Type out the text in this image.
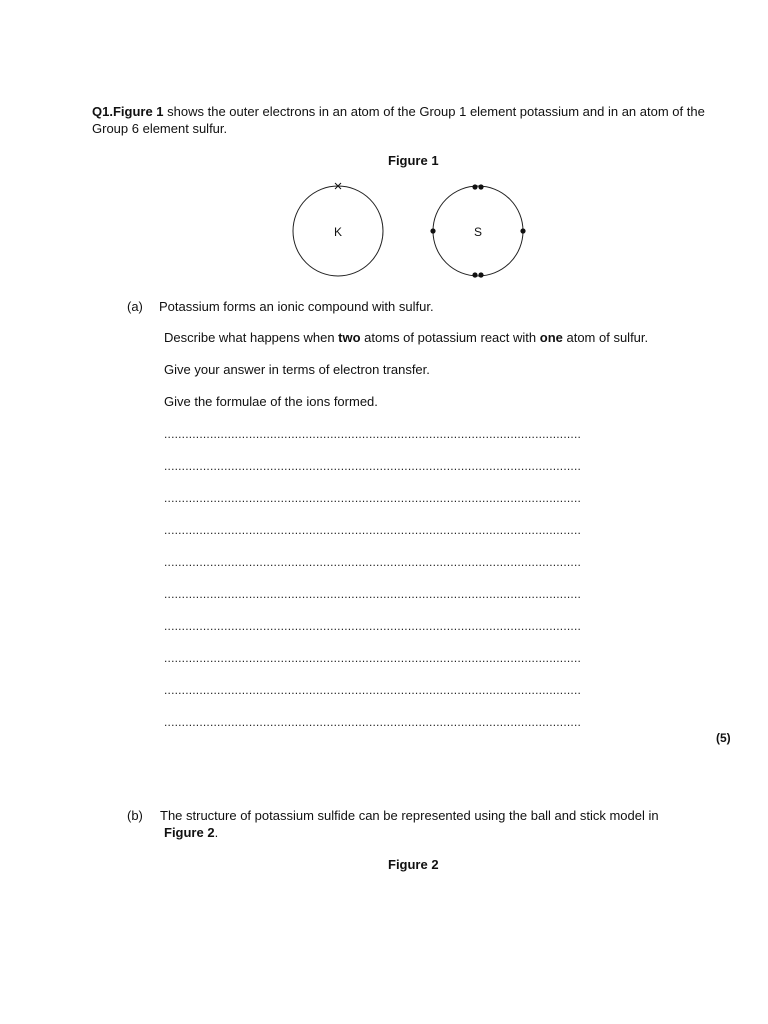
Q1.Figure 1 shows the outer electrons in an atom of the Group 1 element potassium and in an atom of the Group 6 element sulfur.
Figure 1
K	S
(a) Potassium forms an ionic compound with sulfur.
Describe what happens when two atoms of potassium react with one atom of sulfur.
Give your answer in terms of electron transfer.
Give the formulae of the ions formed.
......................................................................................................................
......................................................................................................................
......................................................................................................................
......................................................................................................................
......................................................................................................................
......................................................................................................................
......................................................................................................................
......................................................................................................................
......................................................................................................................
......................................................................................................................
(5)
(b) The structure of potassium sulfide can be represented using the ball and stick model in
Figure 2.
Figure 2
